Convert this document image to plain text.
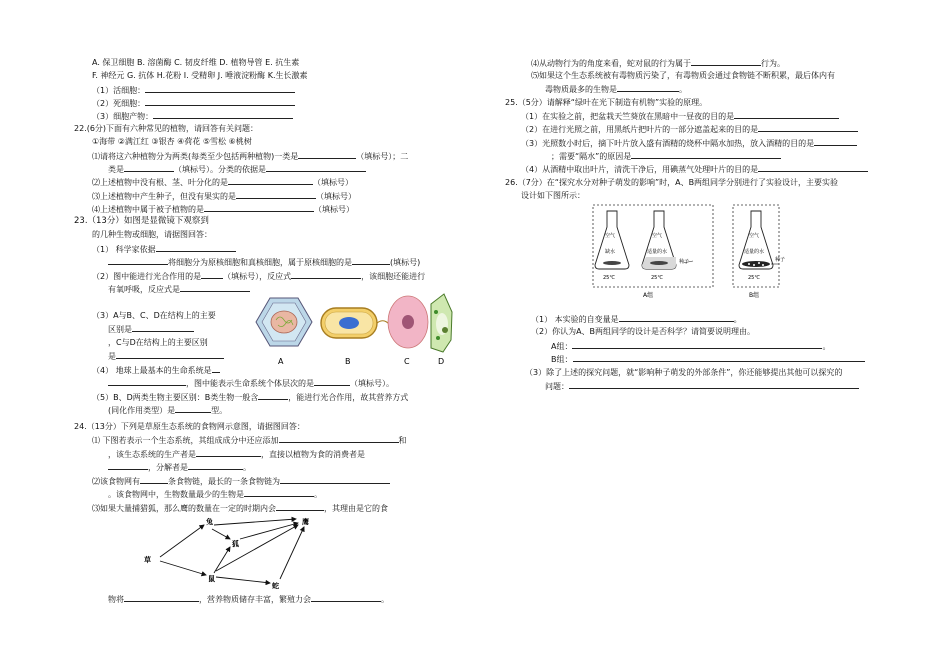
A. 保卫细胞 B. 溶菌酶 C. 韧皮纤维 D. 植物导管 E. 抗生素
F. 神经元 G. 抗体 H.花粉 I. 受精卵 J. 唾液淀粉酶 K.生长激素
（1）活细胞：
（2）死细胞：
（3）细胞产物：
22.(6分)下面有六种常见的植物，请回答有关问题：
①海带 ②满江红 ③银杏 ④荷花 ⑤雪松 ⑥桃树
⑴请将这六种植物分为两类(每类至少包括两种植物)一类是	（填标号）；二
类是	（填标号）。分类的依据是
⑵上述植物中没有根、茎、叶分化的是	（填标号）
⑶上述植物中产生种子，但没有果实的是	（填标号）
⑷上述植物中属于被子植物的是	（填标号）
23.（13分）如图是显微镜下观察到
的几种生物或细胞，请据图回答：
（1） 科学家依据
将细胞分为原核细胞和真核细胞，属于原核细胞的是	(填标号)
（2）图中能进行光合作用的是	（填标号），反应式	，该细胞还能进行
有氧呼吸，反应式是
（3）A与B、C、D在结构上的主要
区别是
，C与D在结构上的主要区别
是
（4） 地球上最基本的生命系统是
，图中能表示生命系统个体层次的是	（填标号）。
（5）B、D两类生物主要区别：B类生物一般含	，能进行光合作用，故其营养方式
(同化作用类型）是	型。
A	B	C	D
24.（13分）下列是草原生态系统的食物网示意图，请据图回答：
⑴ 下图若表示一个生态系统，其组成成分中还应添加	和
，该生态系统的生产者是	，直接以植物为食的消费者是
，分解者是	。
⑵该食物网有	条食物链，最长的一条食物链为
。该食物网中，生物数量最少的生物是	。
⑶如果大量捕猎狐，那么鹰的数量在一定的时期内会	，其理由是它的食
草
兔
狐
鹰
鼠
蛇
物将	，营养物质储存丰富，繁殖力会	。
⑷从动物行为的角度来看，蛇对鼠的行为属于	行为。
⑸如果这个生态系统被有毒物质污染了，有毒物质会通过食物链不断积累，最后体内有
毒物质最多的生物是	。
25.（5分）请解释“绿叶在光下制造有机物”实验的原理。
（1）在实验之前，把盆栽天竺葵放在黑暗中一昼夜的目的是
（2）在进行光照之前，用黑纸片把叶片的一部分遮盖起来的目的是
（3）光照数小时后，摘下叶片放入盛有酒精的烧杯中隔水加热，放入酒精的目的是
；需要“隔水”的原因是
（4）从酒精中取出叶片，清洗干净后，用碘蒸气处理叶片的目的是
26.（7分）在“探究水分对种子萌发的影响”时，A、B两组同学分别进行了实验设计，主要实验
设计如下图所示：
空气
缺水
空气
适量的水
种子
空气
适量的水
种子
25℃	25℃	25℃
A组	B组
（1） 本实验的自变量是	。
（2）你认为A、B两组同学的设计是否科学？请简要说明理由。
A组：	。
B组：
（3）除了上述的探究问题，就“影响种子萌发的外部条件”，你还能够提出其他可以探究的
问题：
